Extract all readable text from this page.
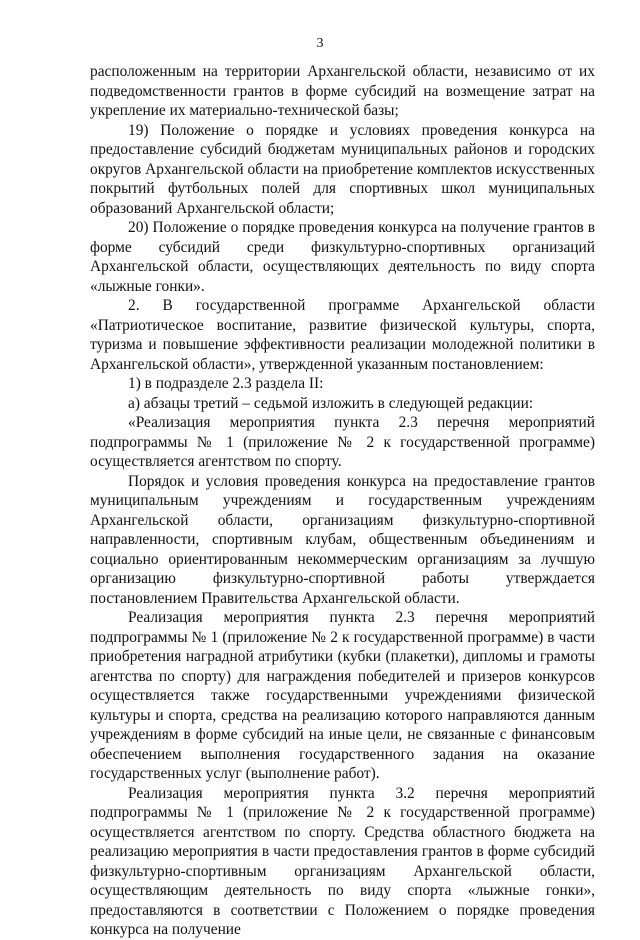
3

расположенным на территории Архангельской области, независимо от их подведомственности грантов в форме субсидий на возмещение затрат на укрепление их материально-технической базы;

19) Положение о порядке и условиях проведения конкурса на предоставление субсидий бюджетам муниципальных районов и городских округов Архангельской области на приобретение комплектов искусственных покрытий футбольных полей для спортивных школ муниципальных образований Архангельской области;

20) Положение о порядке проведения конкурса на получение грантов в форме субсидий среди физкультурно-спортивных организаций Архангельской области, осуществляющих деятельность по виду спорта «лыжные гонки».

2. В государственной программе Архангельской области «Патриотическое воспитание, развитие физической культуры, спорта, туризма и повышение эффективности реализации молодежной политики в Архангельской области», утвержденной указанным постановлением:

1) в подразделе 2.3 раздела II:

а) абзацы третий – седьмой изложить в следующей редакции:

«Реализация мероприятия пункта 2.3 перечня мероприятий подпрограммы № 1 (приложение № 2 к государственной программе) осуществляется агентством по спорту.

Порядок и условия проведения конкурса на предоставление грантов муниципальным учреждениям и государственным учреждениям Архангельской области, организациям физкультурно-спортивной направленности, спортивным клубам, общественным объединениям и социально ориентированным некоммерческим организациям за лучшую организацию физкультурно-спортивной работы утверждается постановлением Правительства Архангельской области.

Реализация мероприятия пункта 2.3 перечня мероприятий подпрограммы № 1 (приложение № 2 к государственной программе) в части приобретения наградной атрибутики (кубки (плакетки), дипломы и грамоты агентства по спорту) для награждения победителей и призеров конкурсов осуществляется также государственными учреждениями физической культуры и спорта, средства на реализацию которого направляются данным учреждениям в форме субсидий на иные цели, не связанные с финансовым обеспечением выполнения государственного задания на оказание государственных услуг (выполнение работ).

Реализация мероприятия пункта 3.2 перечня мероприятий подпрограммы № 1 (приложение № 2 к государственной программе) осуществляется агентством по спорту. Средства областного бюджета на реализацию мероприятия в части предоставления грантов в форме субсидий физкультурно-спортивным организациям Архангельской области, осуществляющим деятельность по виду спорта «лыжные гонки», предоставляются в соответствии с Положением о порядке проведения конкурса на получение
